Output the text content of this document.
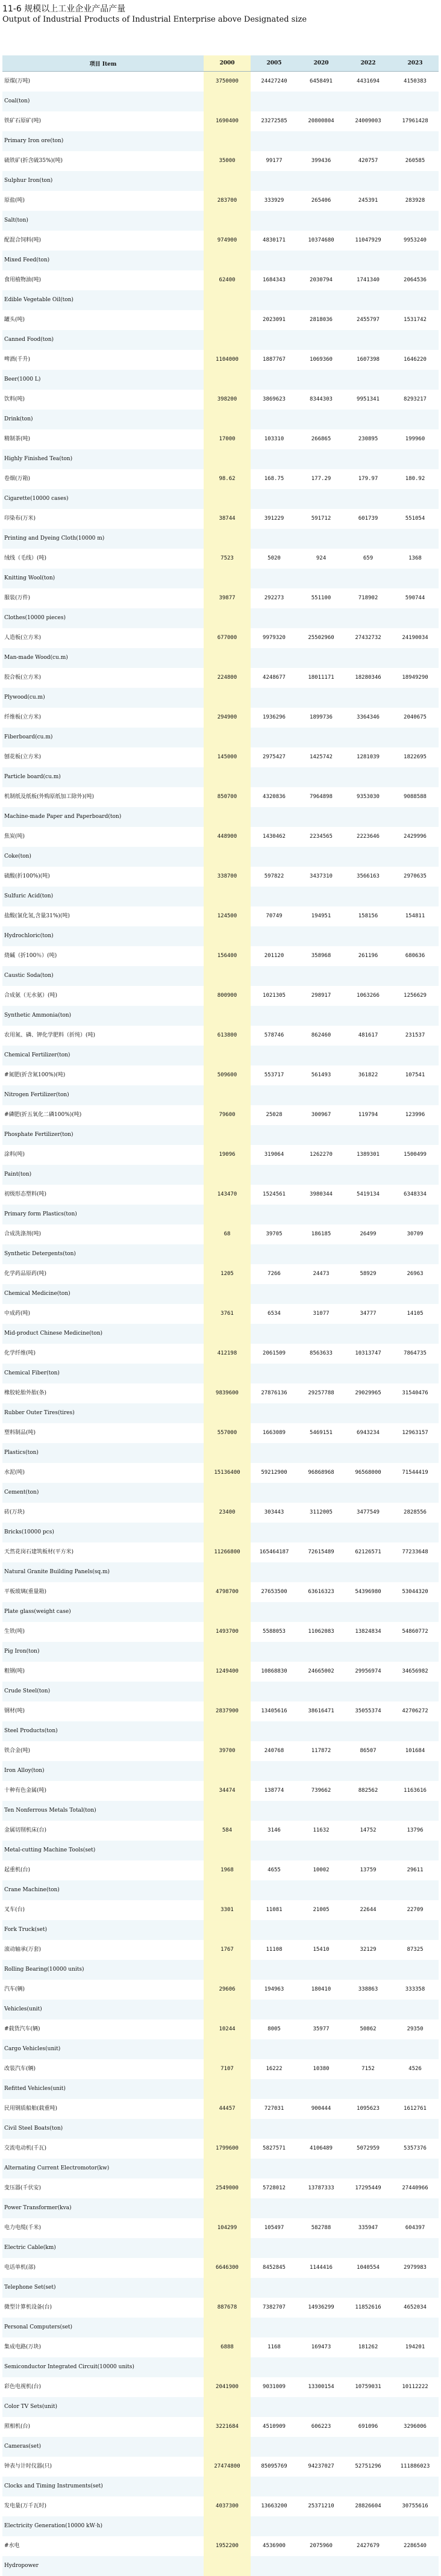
11-6 规模以上工业企业产品产量
Output of Industrial Products of Industrial Enterprise above Designated size
项目 Item	2000	2005	2020	2022	2023
原煤(万吨)	3750000	24427240	6458491	4431694	4150383
Coal(ton)					
铁矿石原矿(吨)	1690400	23272585	20800804	24009003	17961428
Primary Iron ore(ton)					
硫铁矿(折含硫35%)(吨)	35000	99177	399436	420757	260585
Sulphur Iron(ton)					
原盐(吨)	283700	333929	265406	245391	283928
Salt(ton)					
配混合饲料(吨)	974900	4830171	10374680	11047929	9953240
Mixed Feed(ton)					
食用植物油(吨)	62400	1684343	2030794	1741340	2064536
Edible Vegetable Oil(ton)					
罐头(吨)		2023091	2818036	2455797	1531742
Canned Food(ton)					
啤酒(千升)	1104000	1887767	1069360	1607398	1646220
Beer(1000 L)					
饮料(吨)	398200	3869623	8344303	9951341	8293217
Drink(ton)					
精制茶(吨)	17000	103310	266865	230895	199960
Highly Finished Tea(ton)					
卷烟(万箱)	98.62	168.75	177.29	179.97	180.92
Cigarette(10000 cases)					
印染布(万米)	38744	391229	591712	601739	551054
Printing and Dyeing Cloth(10000 m)					
绒线（毛线）(吨)	7523	5020	924	659	1368
Knitting Wool(ton)					
服装(万件)	39877	292273	551100	718902	590744
Clothes(10000 pieces)					
人造板(立方米)	677000	9979320	25502960	27432732	24190034
Man-made Wood(cu.m)					
胶合板(立方米)	224800	4248677	18011171	18280346	18949290
Plywood(cu.m)					
纤维板(立方米)	294900	1936296	1899736	3364346	2040675
Fiberboard(cu.m)					
刨花板(立方米)	145000	2975427	1425742	1281039	1822695
Particle board(cu.m)					
机制纸及纸板(外购原纸加工除外)(吨)	850700	4320836	7964898	9353030	9088588
Machine-made Paper and Paperboard(ton)					
焦炭(吨)	448900	1430462	2234565	2223646	2429996
Coke(ton)					
硫酸(折100%)(吨)	338700	597822	3437310	3566163	2970635
Sulfuric Acid(ton)					
盐酸(氯化氢,含量31%)(吨)	124500	70749	194951	158156	154811
Hydrochloric(ton)					
烧碱（折100％）(吨)	156400	201120	358968	261196	680636
Caustic Soda(ton)					
合成氨（无水氨）(吨)	800900	1021305	298917	1063266	1256629
Synthetic Ammonia(ton)					
农用氮、磷、钾化学肥料（折纯）(吨)	613800	578746	862460	481617	231537
Chemical Fertilizer(ton)					
#氮肥(折含氮100%)(吨)	509600	553717	561493	361822	107541
Nitrogen Fertilizer(ton)					
#磷肥(折五氧化二磷100%)(吨)	79600	25028	300967	119794	123996
Phosphate Fertilizer(ton)					
涂料(吨)	19096	319064	1262270	1389301	1500499
Paint(ton)					
初级形态塑料(吨)	143470	1524561	3980344	5419134	6348334
Primary form Plastics(ton)					
合成洗涤剂(吨)	68	39705	186185	26499	30709
Synthetic Detergents(ton)					
化学药品原药(吨)	1205	7266	24473	58929	26963
Chemical Medicine(ton)					
中成药(吨)	3761	6534	31077	34777	14105
Mid-product Chinese Medicine(ton)					
化学纤维(吨)	412198	2061509	8563633	10313747	7864735
Chemical Fiber(ton)					
橡胶轮胎外胎(条)	9839600	27876136	29257788	29029965	31540476
Rubber Outer Tires(tires)					
塑料制品(吨)	557000	1663089	5469151	6943234	12963157
Plastics(ton)					
水泥(吨)	15136400	59212900	96868968	96568000	71544419
Cement(ton)					
砖(万块)	23400	303443	3112005	3477549	2828556
Bricks(10000 pcs)					
天然花岗石建筑板材(平方米)	11266800	165464187	72615489	62126571	77233648
Natural Granite Building Panels(sq.m)					
平板玻璃(重量箱)	4798700	27653500	63616323	54396980	53044320
Plate glass(weight case)					
生铁(吨)	1493700	5588053	11062083	13824834	54860772
Pig Iron(ton)					
粗钢(吨)	1249400	10868830	24665002	29956974	34656982
Crude Steel(ton)					
钢材(吨)	2837900	13405616	38616471	35055374	42706272
Steel Products(ton)					
铁合金(吨)	39700	240768	117872	86507	101684
Iron Alloy(ton)					
十种有色金属(吨)	34474	138774	739662	882562	1163616
Ten Nonferrous Metals Total(ton)					
金属切削机床(台)	584	3146	11632	14752	13796
Metal-cutting Machine Tools(set)					
起重机(台)	1968	4655	10002	13759	29611
Crane Machine(ton)					
叉车(台)	3301	11081	21005	22644	22709
Fork Truck(set)					
滚动轴承(万套)	1767	11108	15410	32129	87325
Rolling Bearing(10000 units)					
汽车(辆)	29606	194963	180410	338863	333358
Vehicles(unit)					
#载货汽车(辆)	10244	8005	35977	50862	29350
Cargo Vehicles(unit)					
改装汽车(辆)	7107	16222	10380	7152	4526
Refitted Vehicles(unit)					
民用钢质船舶(载重吨)	44457	727031	900444	1095623	1612761
Civil Steel Boats(ton)					
交流电动机(千瓦)	1799600	5827571	4106489	5072959	5357376
Alternating Current Electromotor(kw)					
变压器(千伏安)	2549000	5728012	13787333	17295449	27440966
Power Transformer(kva)					
电力电缆(千米)	104299	105497	582788	335947	604397
Electric Cable(km)					
电话单机(部)	6646300	8452845	1144416	1040554	2979983
Telephone Set(set)					
微型计算机设备(台)	887678	7382707	14936299	11852616	4652034
Personal Computers(set)					
集成电路(万块)	6888	1168	169473	181262	194201
Semiconductor Integrated Circuit(10000 units)					
彩色电视机(台)	2041900	9031009	13300154	10759031	10112222
Color TV Sets(unit)					
照相机(台)	3221684	4510909	606223	691096	3296006
Cameras(set)					
钟表与计时仪器(只)	27474800	85095769	94237027	52751296	111886023
Clocks and Timing Instruments(set)					
发电量(万千瓦时)	4037300	13663200	25371210	28826604	30755616
Electricity Generation(10000 kW·h)					
#水电	1952200	4536900	2075960	2427679	2286540
Hydropower					
